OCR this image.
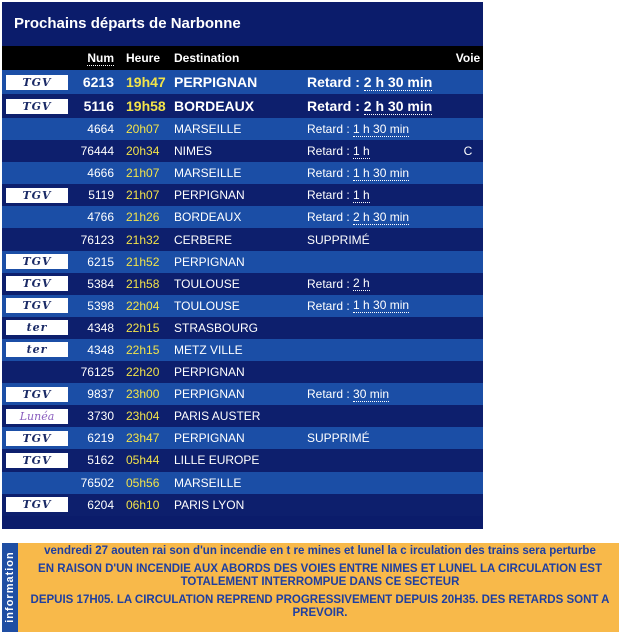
Prochains départs de Narbonne
Num Heure	Destination	Voie
TGV	6213 19h47 PERPIGNAN	Retard : 2 h 30 min
TGV	5116 19h58 BORDEAUX	Retard : 2 h 30 min
4664 20h07	MARSEILLE	Retard : 1 h 30 min
76444 20h34	NIMES	Retard : 1 h	C
4666 21h07	MARSEILLE	Retard : 1 h 30 min
TGV	5119 21h07	PERPIGNAN	Retard : 1 h
4766 21h26	BORDEAUX	Retard : 2 h 30 min
76123 21h32	CERBERE	SUPPRIMÉ
TGV	6215 21h52	PERPIGNAN
TGV	5384 21h58	TOULOUSE	Retard : 2 h
TGV	5398 22h04	TOULOUSE	Retard : 1 h 30 min
ter	4348 22h15	STRASBOURG
ter	4348 22h15	METZ VILLE
76125 22h20	PERPIGNAN
TGV	9837 23h00	PERPIGNAN	Retard : 30 min
Lunéa	3730 23h04	PARIS AUSTER
TGV	6219 23h47	PERPIGNAN	SUPPRIMÉ
TGV	5162 05h44	LILLE EUROPE
76502 05h56	MARSEILLE
TGV	6204 06h10	PARIS LYON
information

vendredi 27 aouten rai son d'un incendie en t re mines et lunel la c irculation des trains sera perturbe

EN RAISON D'UN INCENDIE AUX ABORDS DES VOIES ENTRE NIMES ET LUNEL LA CIRCULATION EST TOTALEMENT INTERROMPUE DANS CE SECTEUR

DEPUIS 17H05. LA CIRCULATION REPREND PROGRESSIVEMENT DEPUIS 20H35. DES RETARDS SONT A PREVOIR.
